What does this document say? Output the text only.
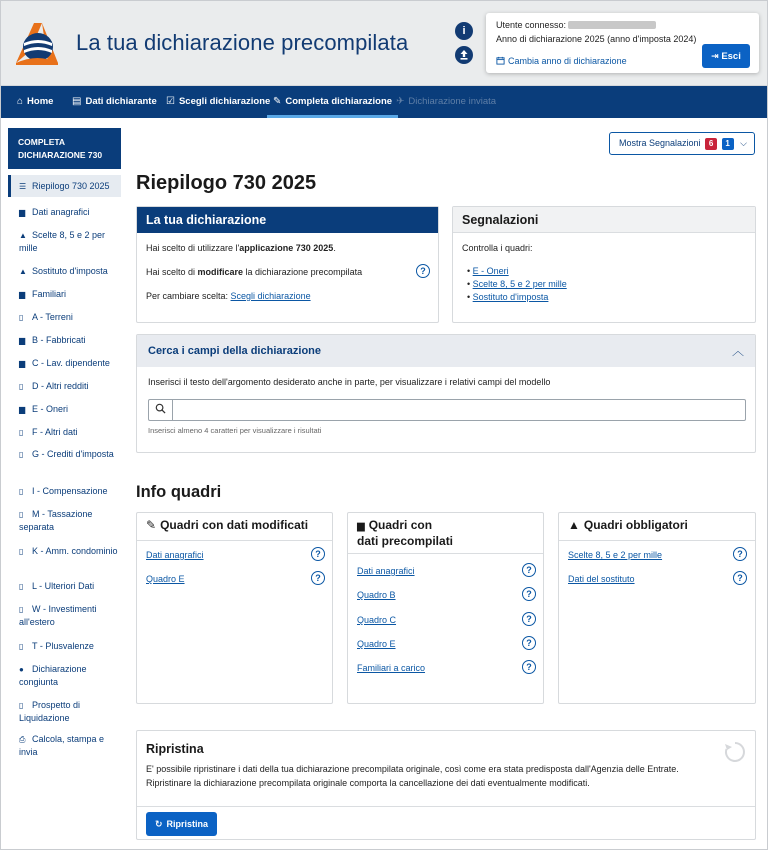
La tua dichiarazione precompilata	i	Utente connesso:
Anno di dichiarazione 2025 (anno d'imposta 2024)
Cambia anno di dichiarazione	⇥ Esci
⌂ Home	▤ Dati dichiarante ☑ Scegli dichiarazione ✎ Completa dichiarazione ✈ Dichiarazione inviata
COMPLETA DICHIARAZIONE 730
☰ Riepilogo 730 2025
▆ Dati anagrafici
▲ Scelte 8, 5 e 2 per mille
▲ Sostituto d'imposta
▆ Familiari
▯ A - Terreni
▆ B - Fabbricati
▆ C - Lav. dipendente
▯ D - Altri redditi
▆ E - Oneri
▯ F - Altri dati
▯ G - Crediti d'imposta
▯ I - Compensazione
▯ M - Tassazione separata
▯ K - Amm. condominio
▯ L - Ulteriori Dati
▯ W - Investimenti all'estero
▯ T - Plusvalenze
● Dichiarazione congiunta
▯ Prospetto di Liquidazione
⎙ Calcola, stampa e invia
Mostra Segnalazioni 6 1 ⌵
Riepilogo 730 2025
La tua dichiarazione
Hai scelto di utilizzare l'applicazione 730 2025.
Hai scelto di modificare la dichiarazione precompilata	?
Per cambiare scelta: Scegli dichiarazione
Segnalazioni
Controlla i quadri:
• E - Oneri
• Scelte 8, 5 e 2 per mille
• Sostituto d'imposta
Cerca i campi della dichiarazione	︿
Inserisci il testo dell'argomento desiderato anche in parte, per visualizzare i relativi campi del modello
Inserisci almeno 4 caratteri per visualizzare i risultati
Info quadri
✎ Quadri con dati modificati
Dati anagrafici	?
Quadro E	?
▆ Quadri con
dati precompilati
Dati anagrafici	?
Quadro B	?
Quadro C	?
Quadro E	?
Familiari a carico	?
▲ Quadri obbligatori
Scelte 8, 5 e 2 per mille	?
Dati del sostituto	?
Ripristina
E' possibile ripristinare i dati della tua dichiarazione precompilata originale, così come era stata predisposta dall'Agenzia delle Entrate. Ripristinare la dichiarazione precompilata originale comporta la cancellazione dei dati eventualmente modificati.
↻ Ripristina
